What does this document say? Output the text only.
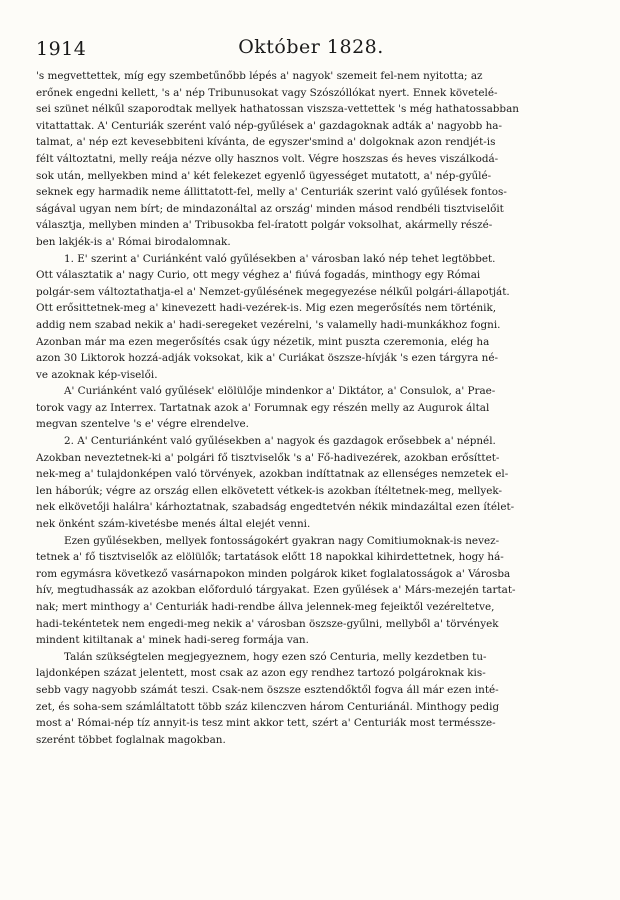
1914	Október 1828.
's megvettettek, míg egy szembetűnőbb lépés a' nagyok' szemeit fel-nem nyitotta; az
erőnek engedni kellett, 's a' nép Tribunusokat vagy Szószóllókat nyert. Ennek követelé-
sei szünet nélkűl szaporodtak mellyek hathatossan viszsza-vettettek 's még hathatossabban
vitattattak. A' Centuriák szerént való nép-gyűlések a' gazdagoknak adták a' nagyobb ha-
talmat, a' nép ezt kevesebbiteni kívánta, de egyszer'smind a' dolgoknak azon rendjét-is
félt változtatni, melly reája nézve olly hasznos volt. Végre hoszszas és heves viszálkodá-
sok után, mellyekben mind a' két felekezet egyenlő ügyességet mutatott, a' nép-gyűlé-
seknek egy harmadik neme állittatott-fel, melly a' Centuriák szerint való gyűlések fontos-
ságával ugyan nem bírt; de mindazonáltal az ország' minden másod rendbéli tisztviselőit
választja, mellyben minden a' Tribusokba fel-íratott polgár voksolhat, akármelly részé-
ben lakjék-is a' Római birodalomnak.
1. E' szerint a' Curiánként való gyűlésekben a' városban lakó nép tehet legtöbbet.
Ott választatik a' nagy Curio, ott megy véghez a' fiúvá fogadás, minthogy egy Római
polgár-sem változtathatja-el a' Nemzet-gyűlésének megegyezése nélkűl polgári-állapotját.
Ott erősittetnek-meg a' kinevezett hadi-vezérek-is. Mig ezen megerősítés nem történik,
addig nem szabad nekik a' hadi-seregeket vezérelni, 's valamelly hadi-munkákhoz fogni.
Azonban már ma ezen megerősítés csak úgy nézetik, mint puszta czeremonia, elég ha
azon 30 Liktorok hozzá-adják voksokat, kik a' Curiákat öszsze-hívják 's ezen tárgyra né-
ve azoknak kép-viselői.
A' Curiánként való gyűlések' elölülője mindenkor a' Diktátor, a' Consulok, a' Prae-
torok vagy az Interrex. Tartatnak azok a' Forumnak egy részén melly az Augurok által
megvan szentelve 's e' végre elrendelve.
2. A' Centuriánként való gyűlésekben a' nagyok és gazdagok erősebbek a' népnél.
Azokban neveztetnek-ki a' polgári fő tisztviselők 's a' Fő-hadivezérek, azokban erősíttet-
nek-meg a' tulajdonképen való törvények, azokban indíttatnak az ellenséges nemzetek el-
len háborúk; végre az ország ellen elkövetett vétkek-is azokban ítéltetnek-meg, mellyek-
nek elkövetőji halálra' kárhoztatnak, szabadság engedtetvén nékik mindazáltal ezen ítélet-
nek önként szám-kivetésbe menés által elejét venni.
Ezen gyűlésekben, mellyek fontosságokért gyakran nagy Comitiumoknak-is nevez-
tetnek a' fő tisztviselők az elölülők; tartatások előtt 18 napokkal kihirdettetnek, hogy há-
rom egymásra következő vasárnapokon minden polgárok kiket foglalatosságok a' Városba
hív, megtudhassák az azokban előforduló tárgyakat. Ezen gyűlések a' Márs-mezején tartat-
nak; mert minthogy a' Centuriák hadi-rendbe állva jelennek-meg fejeiktől vezéreltetve,
hadi-tekéntetek nem engedi-meg nekik a' városban öszsze-gyűlni, mellyből a' törvények
mindent kitiltanak a' minek hadi-sereg formája van.
Talán szükségtelen megjegyeznem, hogy ezen szó Centuria, melly kezdetben tu-
lajdonképen százat jelentett, most csak az azon egy rendhez tartozó polgároknak kis-
sebb vagy nagyobb számát teszi. Csak-nem öszsze esztendőktől fogva áll már ezen inté-
zet, és soha-sem számláltatott több száz kilenczven három Centuriánál. Minthogy pedig
most a' Római-nép tíz annyit-is tesz mint akkor tett, szért a' Centuriák most terméssze-
szerént többet foglalnak magokban.
